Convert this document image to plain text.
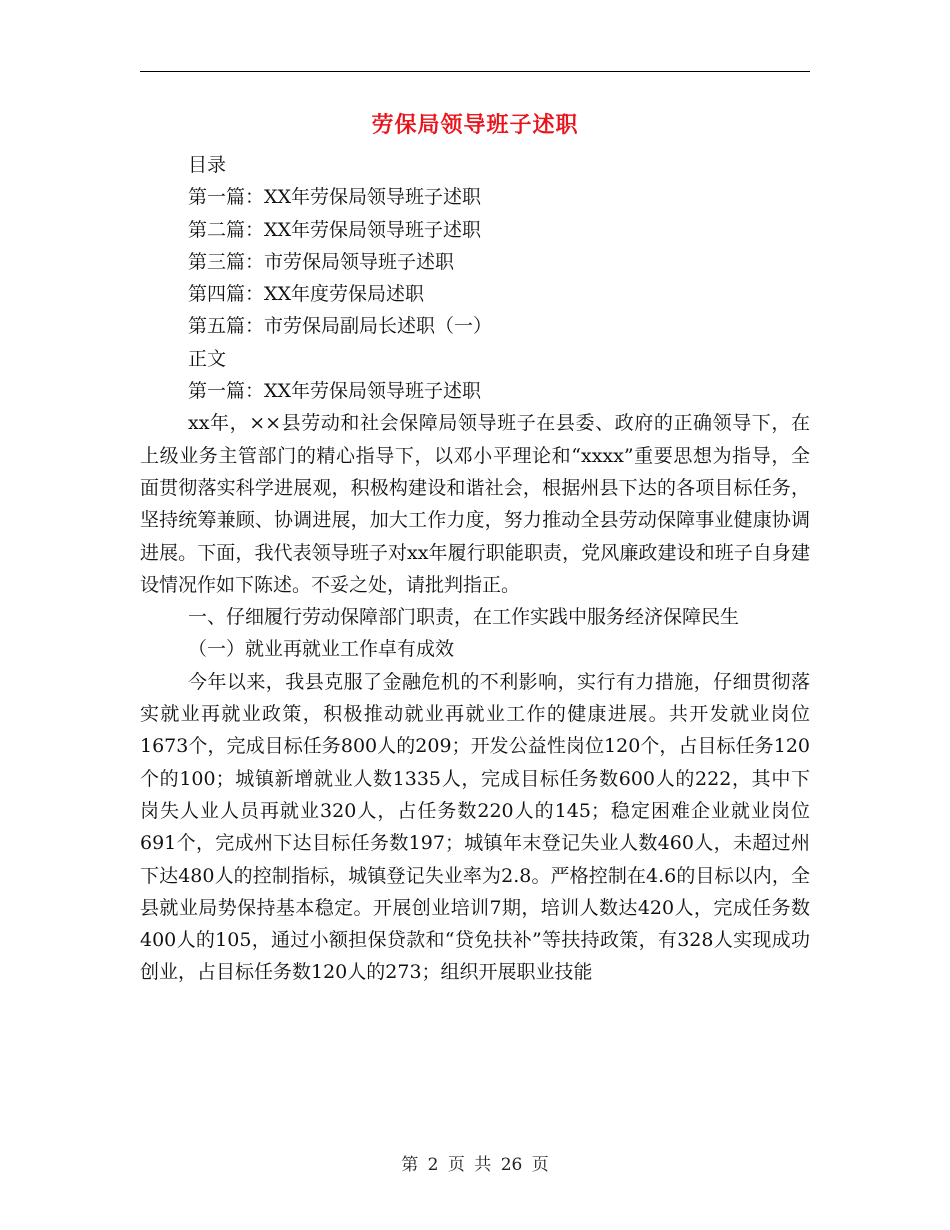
劳保局领导班子述职

目录

第一篇：XX年劳保局领导班子述职

第二篇：XX年劳保局领导班子述职

第三篇：市劳保局领导班子述职

第四篇：XX年度劳保局述职

第五篇：市劳保局副局长述职（一）

正文

第一篇：XX年劳保局领导班子述职

xx年，××县劳动和社会保障局领导班子在县委、政府的正确领导下，在上级业务主管部门的精心指导下，以邓小平理论和“xxxx”重要思想为指导，全面贯彻落实科学进展观，积极构建设和谐社会，根据州县下达的各项目标任务，坚持统筹兼顾、协调进展，加大工作力度，努力推动全县劳动保障事业健康协调进展。下面，我代表领导班子对xx年履行职能职责，党风廉政建设和班子自身建设情况作如下陈述。不妥之处，请批判指正。

一、仔细履行劳动保障部门职责，在工作实践中服务经济保障民生

（一）就业再就业工作卓有成效

今年以来，我县克服了金融危机的不利影响，实行有力措施，仔细贯彻落实就业再就业政策，积极推动就业再就业工作的健康进展。共开发就业岗位1673个，完成目标任务800人的209；开发公益性岗位120个，占目标任务120个的100；城镇新增就业人数1335人，完成目标任务数600人的222，其中下岗失人业人员再就业320人，占任务数220人的145；稳定困难企业就业岗位691个，完成州下达目标任务数197；城镇年末登记失业人数460人，未超过州下达480人的控制指标，城镇登记失业率为2.8。严格控制在4.6的目标以内，全县就业局势保持基本稳定。开展创业培训7期，培训人数达420人，完成任务数400人的105，通过小额担保贷款和“贷免扶补”等扶持政策，有328人实现成功创业，占目标任务数120人的273；组织开展职业技能

第 2 页 共 26 页
